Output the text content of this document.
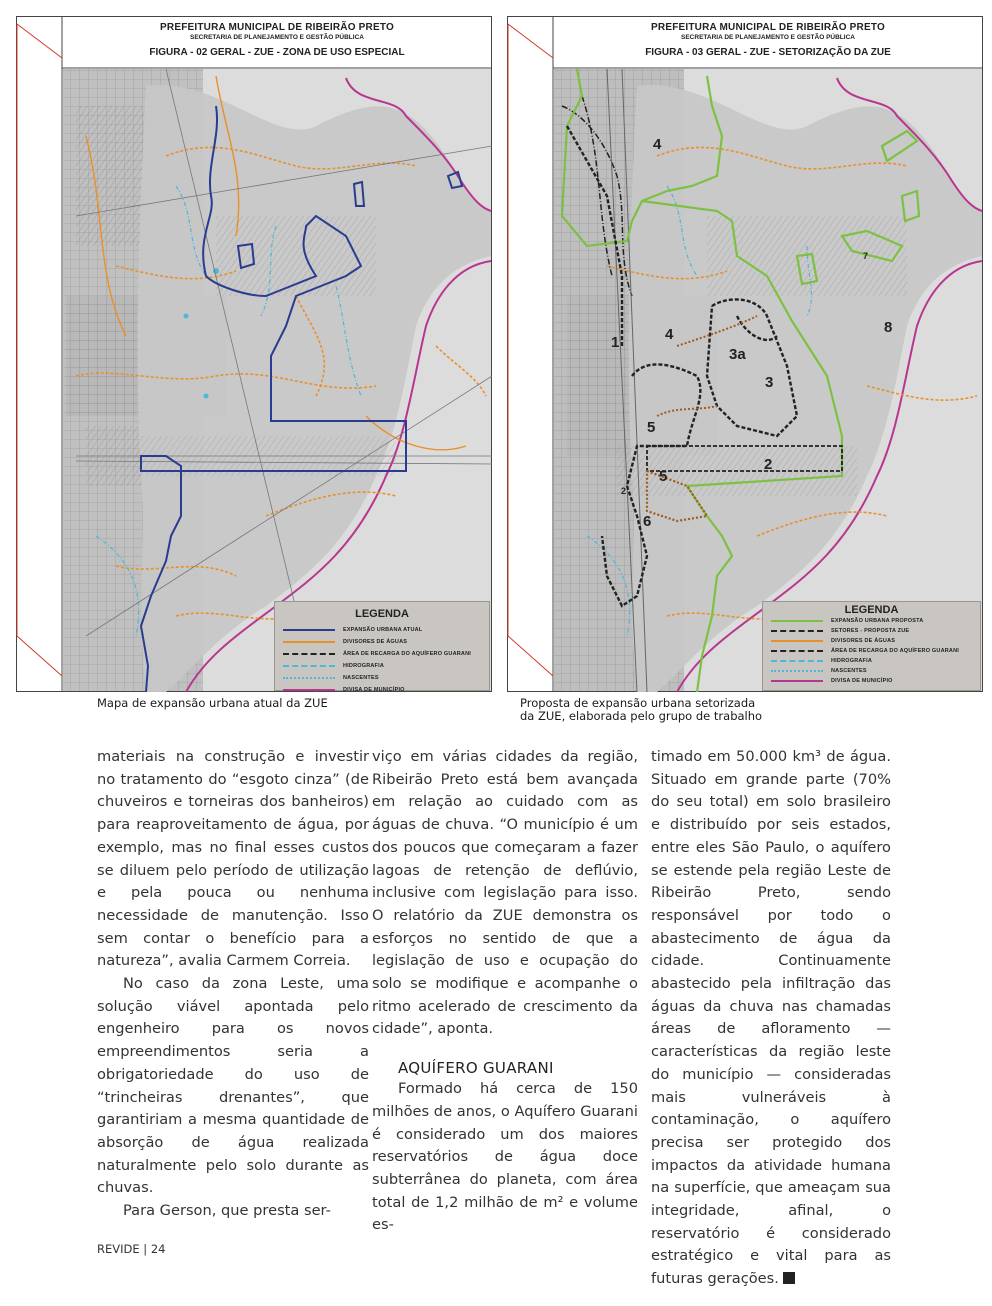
PREFEITURA MUNICIPAL DE RIBEIRÃO PRETO
SECRETARIA DE PLANEJAMENTO E GESTÃO PÚBLICA
FIGURA - 02 GERAL - ZUE - ZONA DE USO ESPECIAL
LEGENDA
EXPANSÃO URBANA ATUAL
DIVISORES DE ÁGUAS
ÁREA DE RECARGA DO AQUÍFERO GUARANI
HIDROGRAFIA
NASCENTES
DIVISA DE MUNICÍPIO
Mapa de expansão urbana atual da ZUE
PREFEITURA MUNICIPAL DE RIBEIRÃO PRETO
SECRETARIA DE PLANEJAMENTO E GESTÃO PÚBLICA
FIGURA - 03 GERAL - ZUE - SETORIZAÇÃO DA ZUE
4
1	4
3a
3
5
2
5
2
6
7
8
LEGENDA
EXPANSÃO URBANA PROPOSTA
SETORES - PROPOSTA ZUE
DIVISORES DE ÁGUAS
ÁREA DE RECARGA DO AQUÍFERO GUARANI
HIDROGRAFIA
NASCENTES
DIVISA DE MUNICÍPIO
Proposta de expansão urbana setorizada
da ZUE, elaborada pelo grupo de trabalho

materiais na construção e investir no tratamento do “esgoto cinza” (de chuveiros e torneiras dos banheiros) para reaproveitamento de água, por exemplo, mas no final esses custos se diluem pelo período de utilização e pela pouca ou nenhuma necessidade de manutenção. Isso sem contar o benefício para a natureza”, avalia Carmem Correia.

No caso da zona Leste, uma solução viável apontada pelo engenheiro para os novos empreendimentos seria a obrigatoriedade do uso de “trincheiras drenantes”, que garantiriam a mesma quantidade de absorção de água realizada naturalmente pelo solo durante as chuvas.

Para Gerson, que presta ser-

viço em várias cidades da região, Ribeirão Preto está bem avançada em relação ao cuidado com as águas de chuva. “O município é um dos poucos que começaram a fazer lagoas de retenção de deflúvio, inclusive com legislação para isso. O relatório da ZUE demonstra os esforços no sentido de que a legislação de uso e ocupação do solo se modifique e acompanhe o ritmo acelerado de crescimento da cidade”, aponta.

AQUÍFERO GUARANI

Formado há cerca de 150 milhões de anos, o Aquífero Guarani é considerado um dos maiores reservatórios de água doce subterrânea do planeta, com área total de 1,2 milhão de m² e volume es-

timado em 50.000 km³ de água. Situado em grande parte (70% do seu total) em solo brasileiro e distribuído por seis estados, entre eles São Paulo, o aquífero se estende pela região Leste de Ribeirão Preto, sendo responsável por todo o abastecimento de água da cidade. Continuamente abastecido pela infiltração das águas da chuva nas chamadas áreas de afloramento — características da região leste do município — consideradas mais vulneráveis à contaminação, o aquífero precisa ser protegido dos impactos da atividade humana na superfície, que ameaçam sua integridade, afinal, o reservatório é considerado estratégico e vital para as futuras gerações.

REVIDE | 24
